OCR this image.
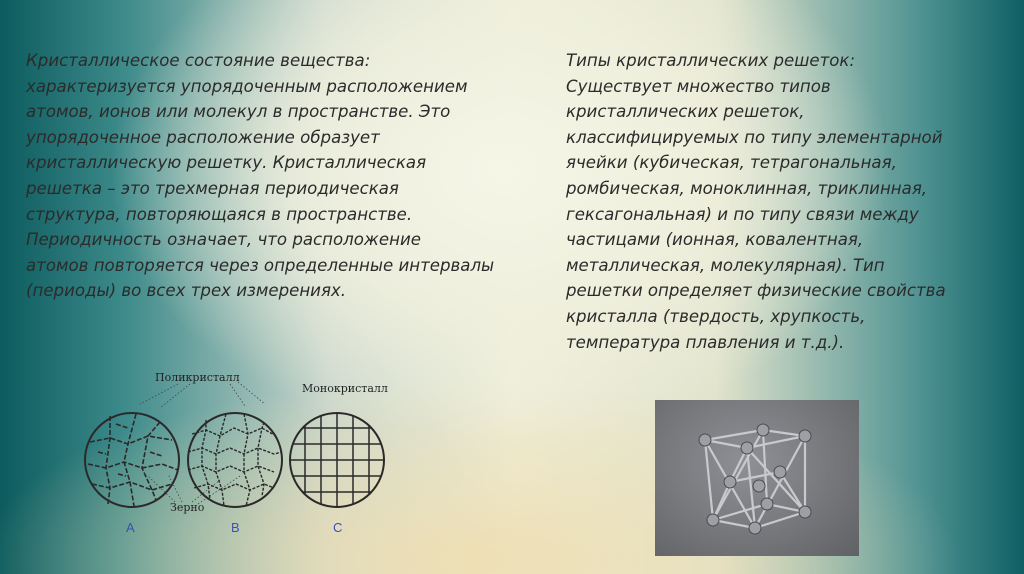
Кристаллическое состояние вещества:
характеризуется упорядоченным расположением
атомов, ионов или молекул в пространстве. Это
упорядоченное расположение образует
кристаллическую решетку. Кристаллическая
решетка – это трехмерная периодическая
структура, повторяющаяся в пространстве.
Периодичность означает, что расположение
атомов повторяется через определенные интервалы
(периоды) во всех трех измерениях.

Типы кристаллических решеток:
Существует множество типов
кристаллических решеток,
классифицируемых по типу элементарной
ячейки (кубическая, тетрагональная,
ромбическая, моноклинная, триклинная,
гексагональная) и по типу связи между
частицами (ионная, ковалентная,
металлическая, молекулярная). Тип
решетки определяет физические свойства
кристалла (твердость, хрупкость,
температура плавления и т.д.).

Поликристалл
Монокристалл
Зерно
A	B	C
